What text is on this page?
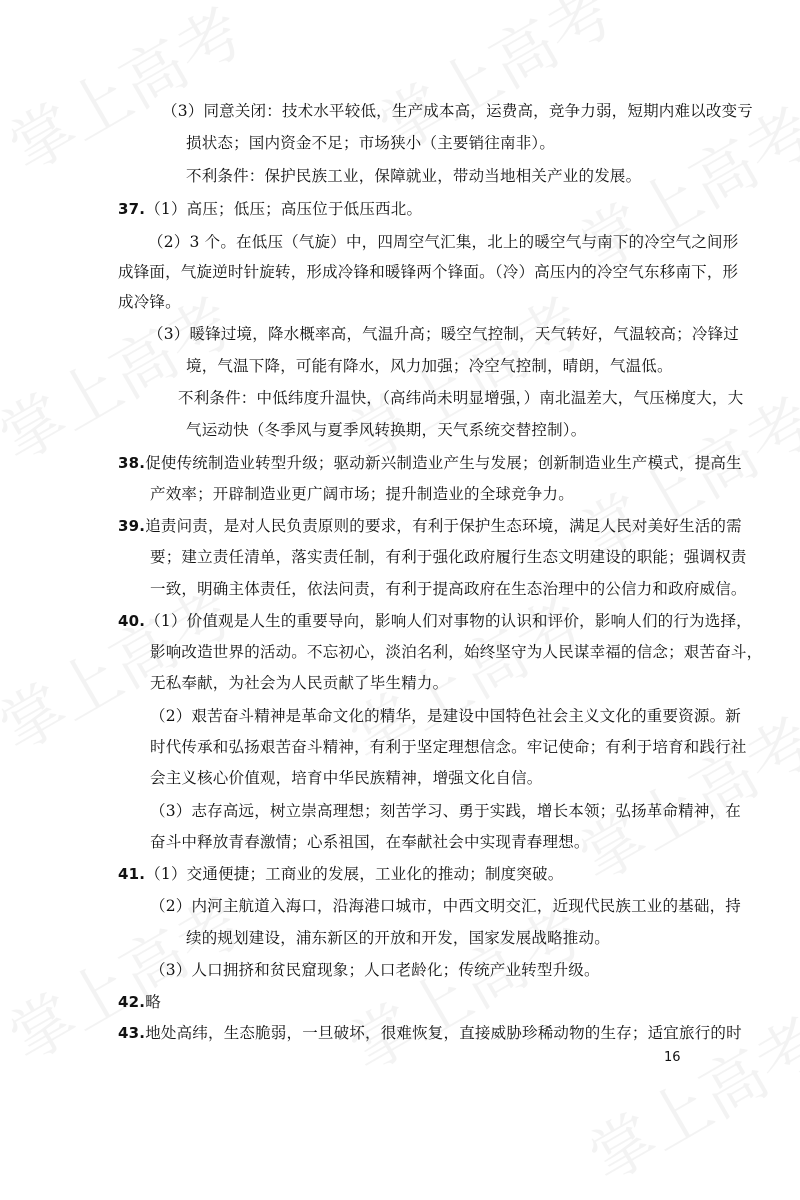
（3）同意关闭：技术水平较低，生产成本高，运费高，竞争力弱，短期内难以改变亏
损状态；国内资金不足；市场狭小（主要销往南非）。
不利条件：保护民族工业，保障就业，带动当地相关产业的发展。
37.（1）高压；低压；高压位于低压西北。
（2）3 个。在低压（气旋）中，四周空气汇集，北上的暖空气与南下的冷空气之间形
成锋面，气旋逆时针旋转，形成冷锋和暖锋两个锋面。（冷）高压内的冷空气东移南下，形
成冷锋。
（3）暖锋过境，降水概率高，气温升高；暖空气控制，天气转好，气温较高；冷锋过
境，气温下降，可能有降水，风力加强；冷空气控制，晴朗，气温低。
不利条件：中低纬度升温快，（高纬尚未明显增强，）南北温差大，气压梯度大，大
气运动快（冬季风与夏季风转换期，天气系统交替控制）。
38.促使传统制造业转型升级；驱动新兴制造业产生与发展；创新制造业生产模式，提高生
产效率；开辟制造业更广阔市场；提升制造业的全球竞争力。
39.追责问责，是对人民负责原则的要求，有利于保护生态环境，满足人民对美好生活的需
要；建立责任清单，落实责任制，有利于强化政府履行生态文明建设的职能；强调权责
一致，明确主体责任，依法问责，有利于提高政府在生态治理中的公信力和政府威信。
40.（1）价值观是人生的重要导向，影响人们对事物的认识和评价，影响人们的行为选择，
影响改造世界的活动。不忘初心，淡泊名利，始终坚守为人民谋幸福的信念；艰苦奋斗，
无私奉献，为社会为人民贡献了毕生精力。
（2）艰苦奋斗精神是革命文化的精华，是建设中国特色社会主义文化的重要资源。新
时代传承和弘扬艰苦奋斗精神，有利于坚定理想信念。牢记使命；有利于培育和践行社
会主义核心价值观，培育中华民族精神，增强文化自信。
（3）志存高远，树立崇高理想；刻苦学习、勇于实践，增长本领；弘扬革命精神，在
奋斗中释放青春激情；心系祖国，在奉献社会中实现青春理想。
41.（1）交通便捷；工商业的发展，工业化的推动；制度突破。
（2）内河主航道入海口，沿海港口城市，中西文明交汇，近现代民族工业的基础，持
续的规划建设，浦东新区的开放和开发，国家发展战略推动。
（3）人口拥挤和贫民窟现象；人口老龄化；传统产业转型升级。
42.略
43.地处高纬，生态脆弱，一旦破坏，很难恢复，直接威胁珍稀动物的生存；适宜旅行的时
16
